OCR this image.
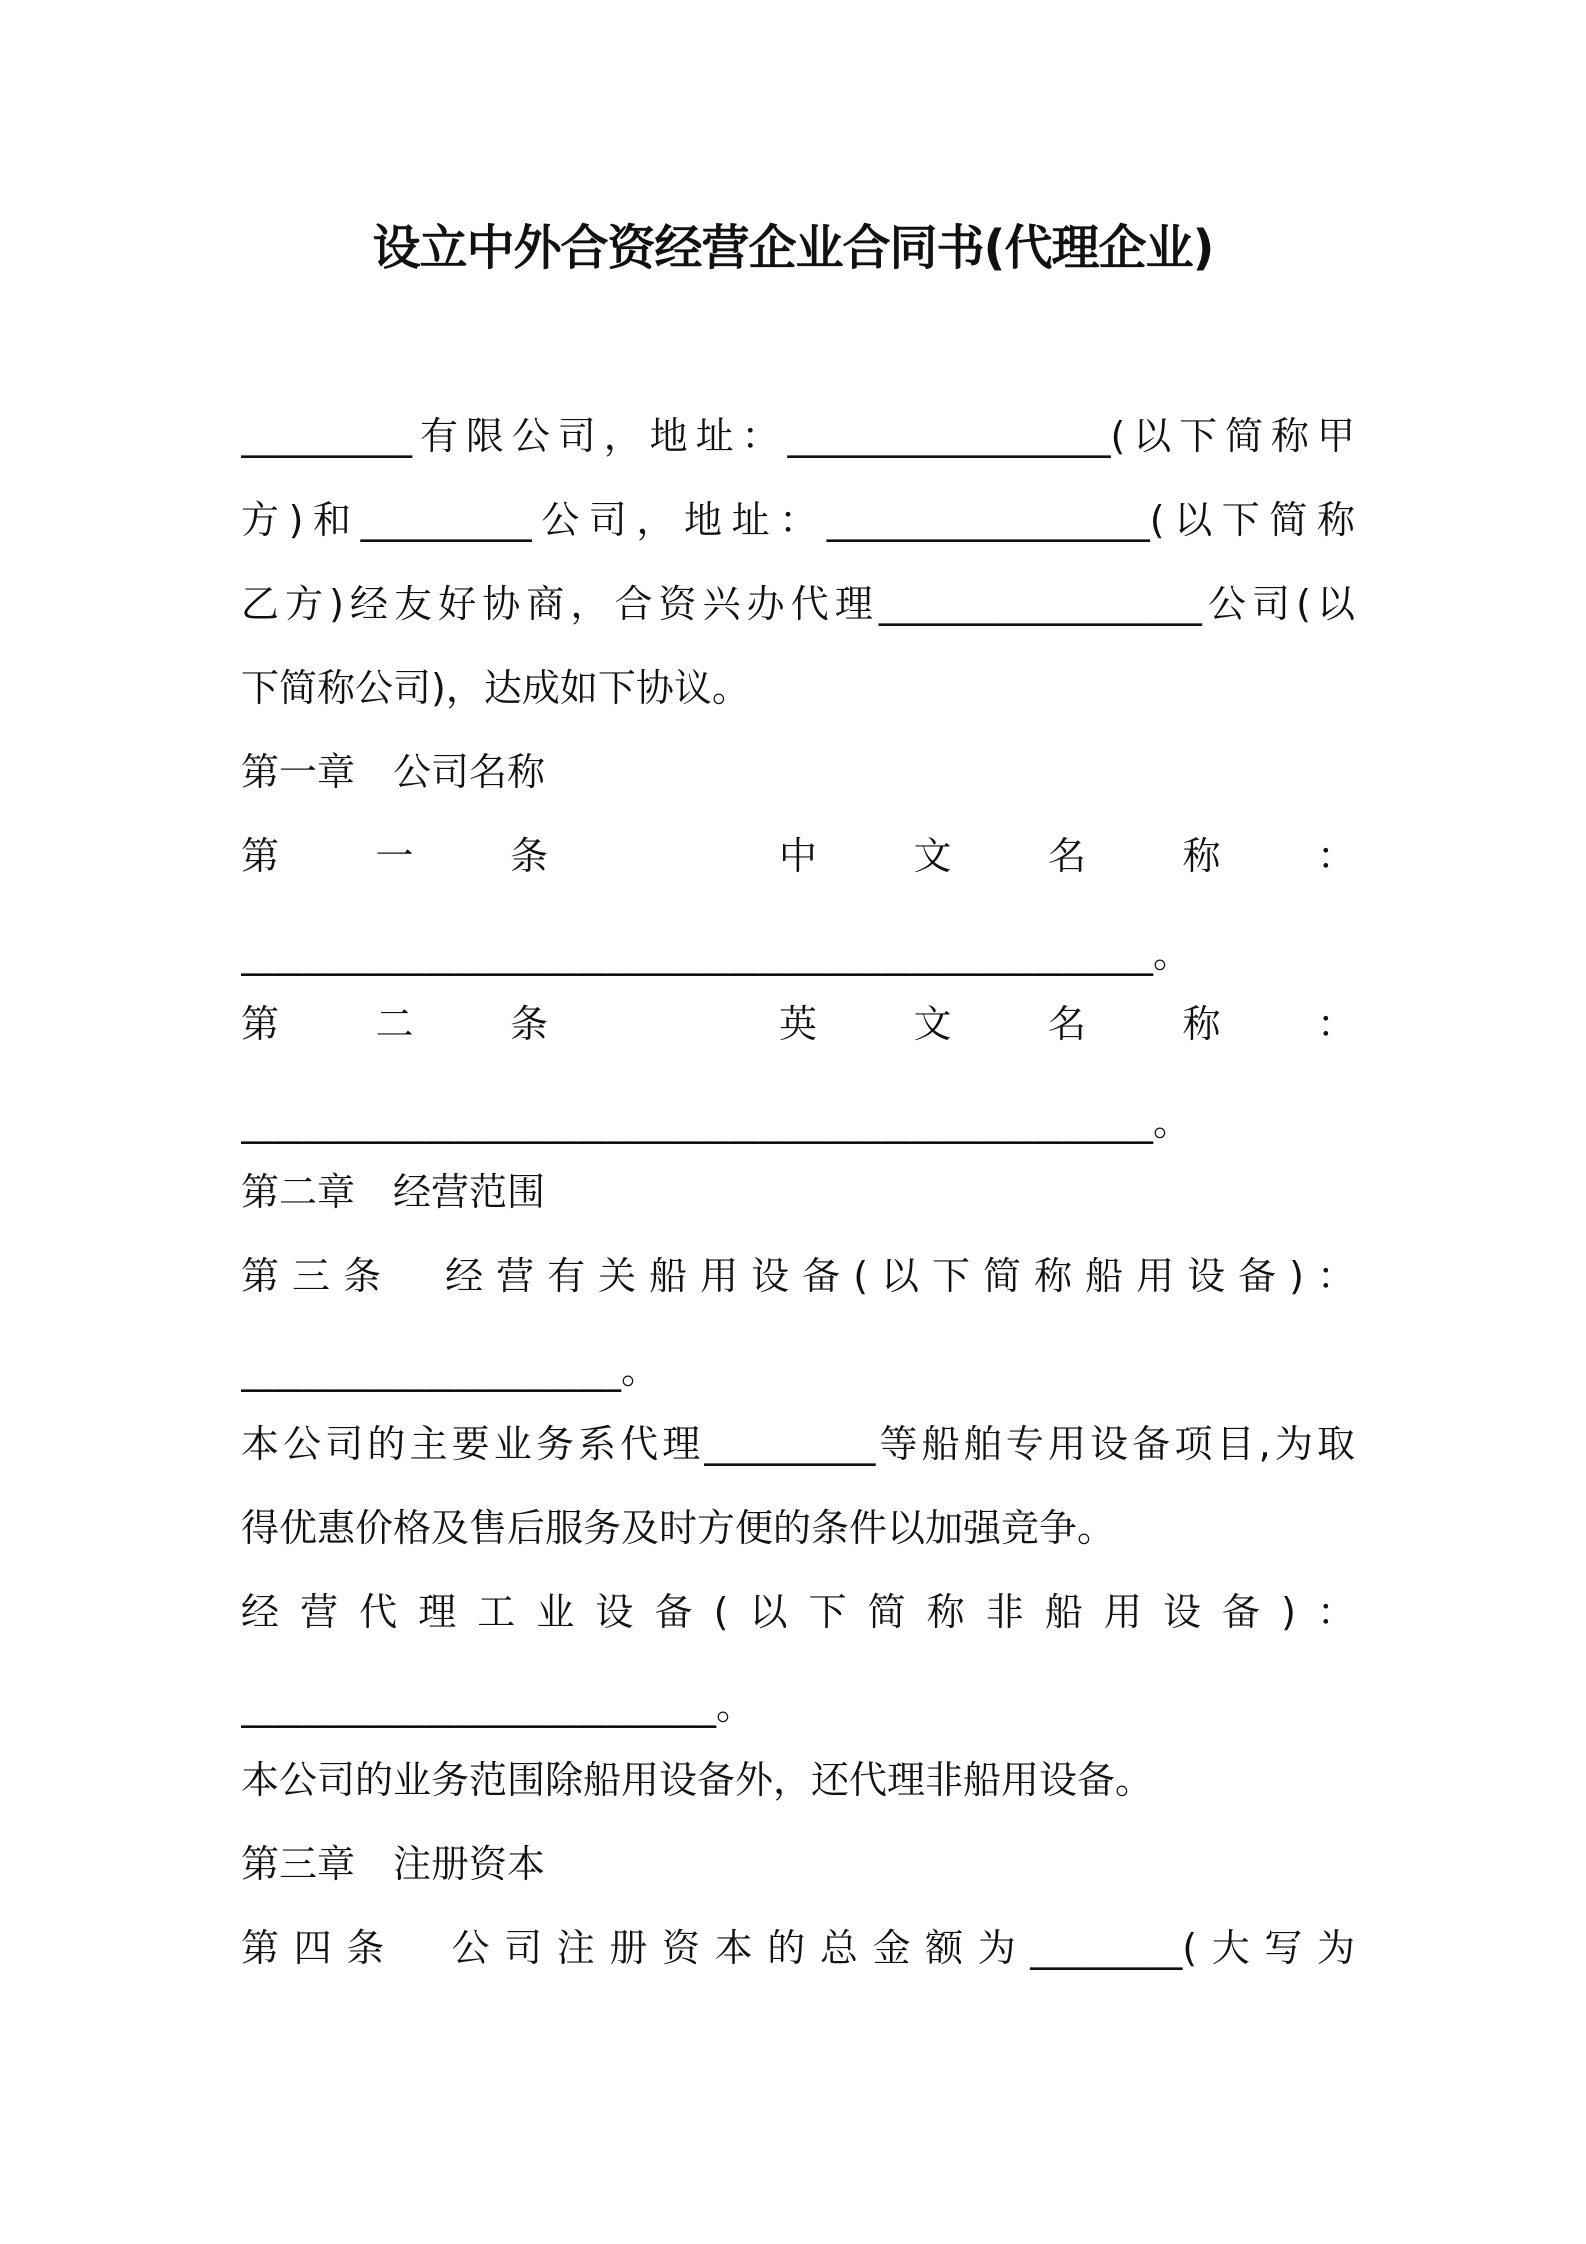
设立中外合资经营企业合同书(代理企业)
_________有限公司，地址：_________________(以下简称甲
方)和_________公司，地址：_________________(以下简称
乙方)经友好协商，合资兴办代理_________________公司(以
下简称公司)，达成如下协议。
第一章　公司名称
第　一　条　　　中　文　名　称　：
________________________________________________。
第　二　条　　　英　文　名　称　：
________________________________________________。
第二章　经营范围
第三条　经营有关船用设备(以下简称船用设备)：
____________________。
本公司的主要业务系代理_________等船舶专用设备项目,为取
得优惠价格及售后服务及时方便的条件以加强竞争。
经营代理工业设备(以下简称非船用设备)：
_________________________。
本公司的业务范围除船用设备外，还代理非船用设备。
第三章　注册资本
第四条　公司注册资本的总金额为________(大写为
